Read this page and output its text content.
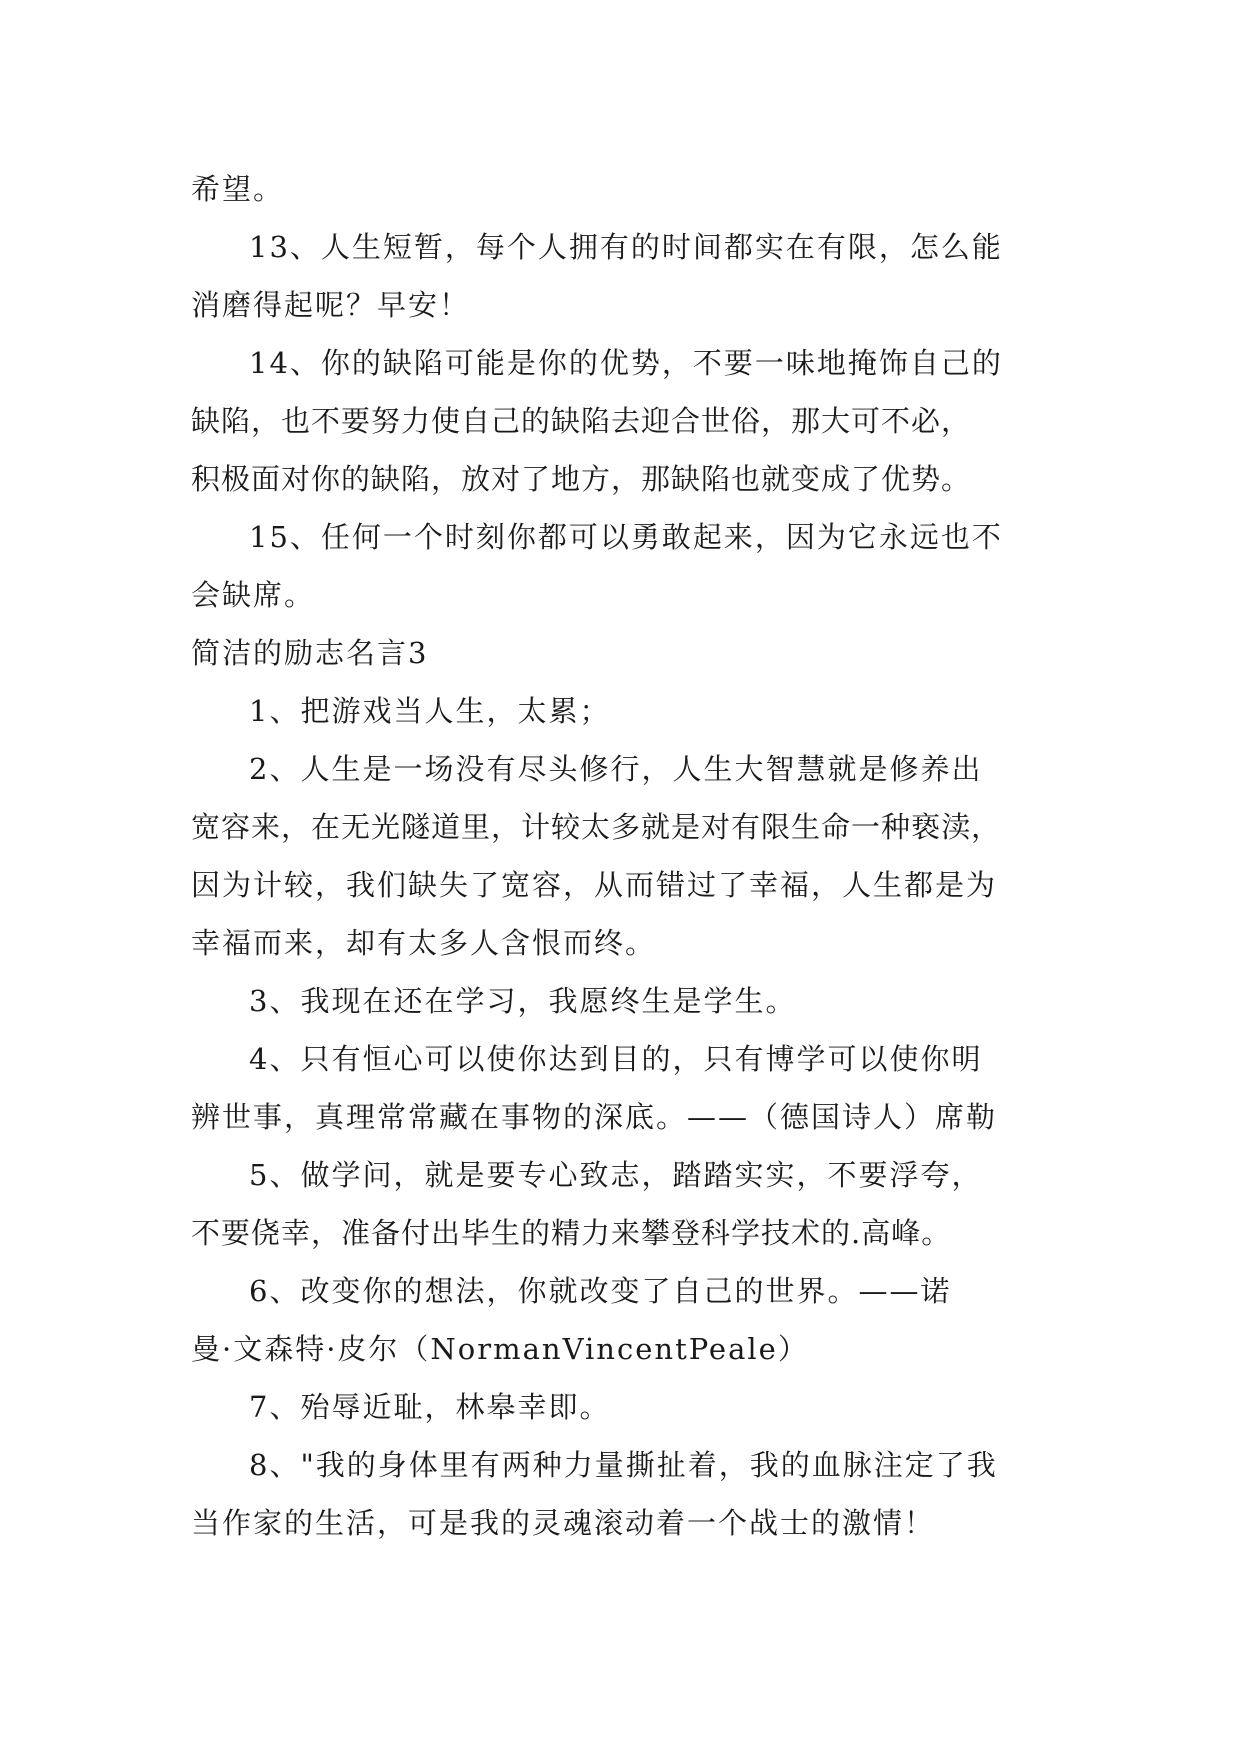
希望。
13、人生短暂，每个人拥有的时间都实在有限，怎么能
消磨得起呢？早安！
14、你的缺陷可能是你的优势，不要一味地掩饰自己的
缺陷，也不要努力使自己的缺陷去迎合世俗，那大可不必，
积极面对你的缺陷，放对了地方，那缺陷也就变成了优势。
15、任何一个时刻你都可以勇敢起来，因为它永远也不
会缺席。
简洁的励志名言3
1、把游戏当人生，太累；
2、人生是一场没有尽头修行，人生大智慧就是修养出
宽容来，在无光隧道里，计较太多就是对有限生命一种亵渎，
因为计较，我们缺失了宽容，从而错过了幸福，人生都是为
幸福而来，却有太多人含恨而终。
3、我现在还在学习，我愿终生是学生。
4、只有恒心可以使你达到目的，只有博学可以使你明
辨世事，真理常常藏在事物的深底。——（德国诗人）席勒
5、做学问，就是要专心致志，踏踏实实，不要浮夸，
不要侥幸，准备付出毕生的精力来攀登科学技术的.高峰。
6、改变你的想法，你就改变了自己的世界。——诺
曼·文森特·皮尔（NormanVincentPeale）
7、殆辱近耻，林皋幸即。
8、"我的身体里有两种力量撕扯着，我的血脉注定了我
当作家的生活，可是我的灵魂滚动着一个战士的激情！
